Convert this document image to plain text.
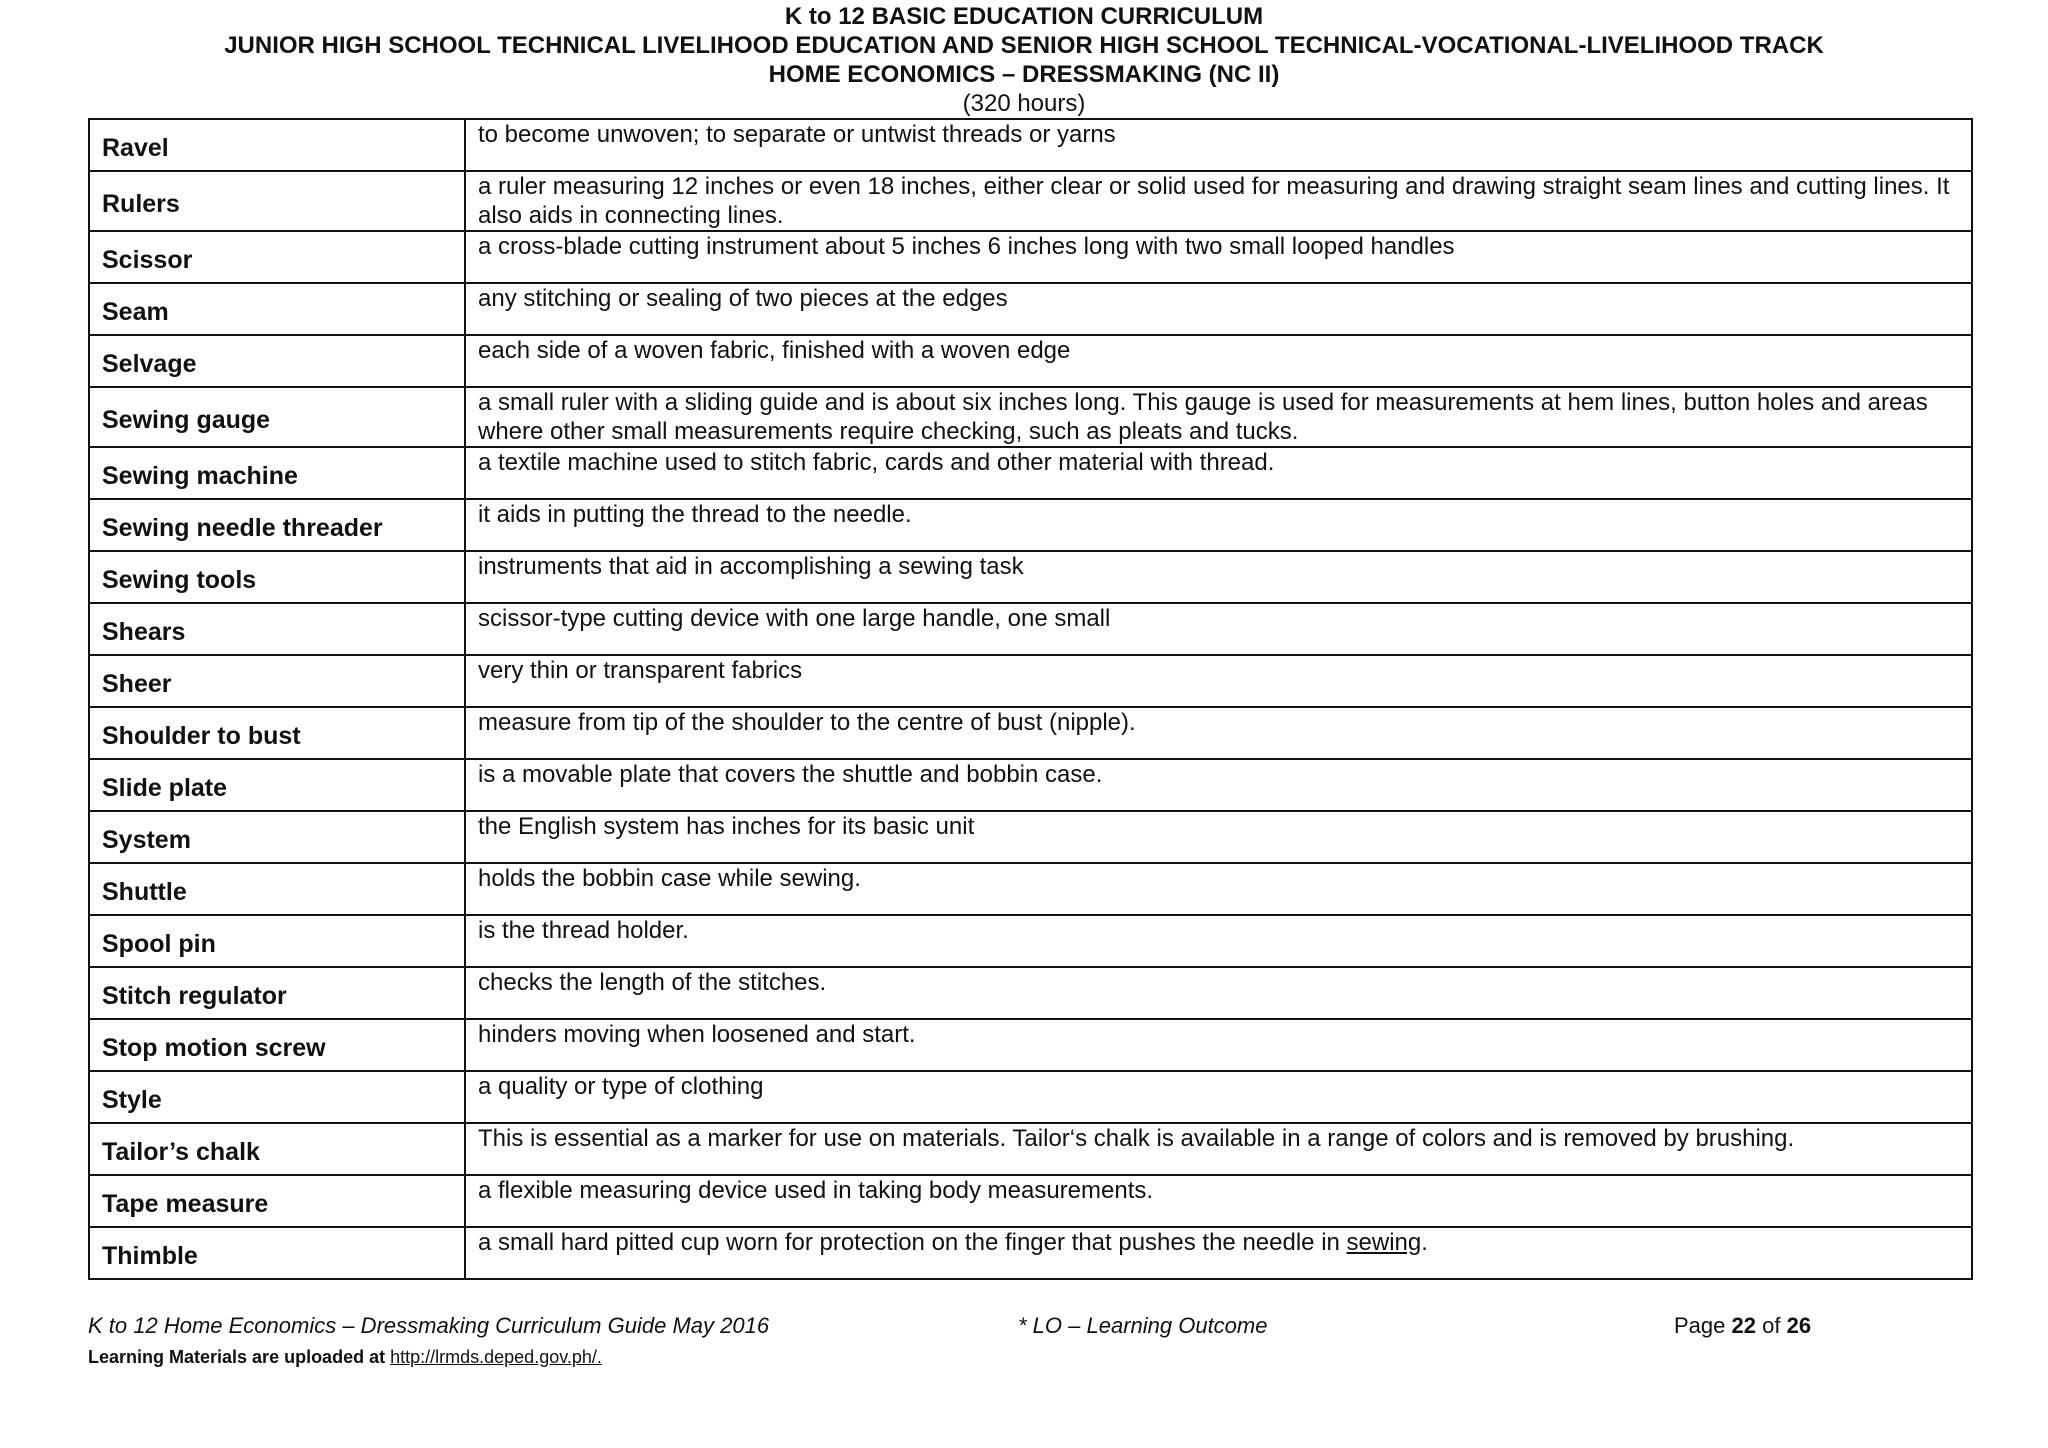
K to 12 BASIC EDUCATION CURRICULUM
JUNIOR HIGH SCHOOL TECHNICAL LIVELIHOOD EDUCATION AND SENIOR HIGH SCHOOL TECHNICAL-VOCATIONAL-LIVELIHOOD TRACK
HOME ECONOMICS – DRESSMAKING (NC II)
(320 hours)
Ravel	to become unwoven; to separate or untwist threads or yarns
Rulers	a ruler measuring 12 inches or even 18 inches, either clear or solid used for measuring and drawing straight seam lines and cutting lines. It also aids in connecting lines.
Scissor	a cross-blade cutting instrument about 5 inches 6 inches long with two small looped handles
Seam	any stitching or sealing of two pieces at the edges
Selvage	each side of a woven fabric, finished with a woven edge
Sewing gauge	a small ruler with a sliding guide and is about six inches long. This gauge is used for measurements at hem lines, button holes and areas where other small measurements require checking, such as pleats and tucks.
Sewing machine	a textile machine used to stitch fabric, cards and other material with thread.
Sewing needle threader	it aids in putting the thread to the needle.
Sewing tools	instruments that aid in accomplishing a sewing task
Shears	scissor-type cutting device with one large handle, one small
Sheer	very thin or transparent fabrics
Shoulder to bust	measure from tip of the shoulder to the centre of bust (nipple).
Slide plate	is a movable plate that covers the shuttle and bobbin case.
System	the English system has inches for its basic unit
Shuttle	holds the bobbin case while sewing.
Spool pin	is the thread holder.
Stitch regulator	checks the length of the stitches.
Stop motion screw	hinders moving when loosened and start.
Style	a quality or type of clothing
Tailor’s chalk	This is essential as a marker for use on materials. Tailor‘s chalk is available in a range of colors and is removed by brushing.
Tape measure	a flexible measuring device used in taking body measurements.
Thimble	a small hard pitted cup worn for protection on the finger that pushes the needle in sewing.
K to 12 Home Economics – Dressmaking Curriculum Guide May 2016	* LO – Learning Outcome	Page 22 of 26
Learning Materials are uploaded at http://lrmds.deped.gov.ph/.
